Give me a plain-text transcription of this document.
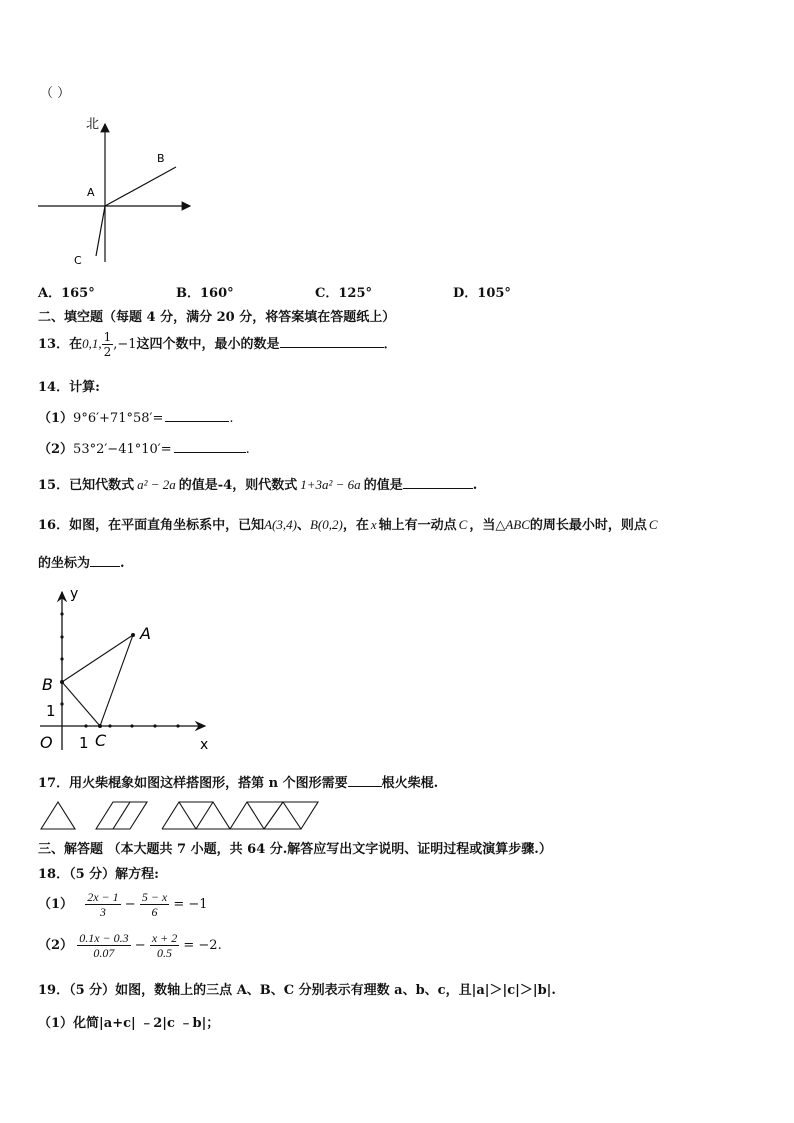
（ ）
北
B
A
C
A．165°	B．160°	C．125°	D．105°
二、填空题（每题 4 分，满分 20 分，将答案填在答题纸上）
13．在0,1, $\frac{1}{2} ,-1$这四个数中，最小的数是	．
14．计算:
（1）9°6′+71°58′=	.
（2）53°2′−41°10′=	.
15．已知代数式 a² − 2a 的值是-4，则代数式 1+3a² − 6a 的值是	.
16．如图，在平面直角坐标系中，已知A(3,4)、B(0,2)，在 x 轴上有一动点 C ，当△ABC的周长最小时，则点 C
的坐标为 .
y
x
A
B
C
O 1
1
17．用火柴棍象如图这样搭图形，搭第 n 个图形需要	根火柴棍.
三、解答题 （本大题共 7 小题，共 64 分.解答应写出文字说明、证明过程或演算步骤.）
18．（5 分）解方程:
$(1) \frac{2x - 1}{3} - \frac{5 - x}{6} = -1$
$(2) \frac{0.1x - 0.3}{0.07} - \frac{x + 2}{0.5} = -2$.
19．（5 分）如图，数轴上的三点 A、B、C 分别表示有理数 a、b、c，且|a|＞|c|＞|b|.
（1）化简|a+c| ﹣2|c ﹣b|；
